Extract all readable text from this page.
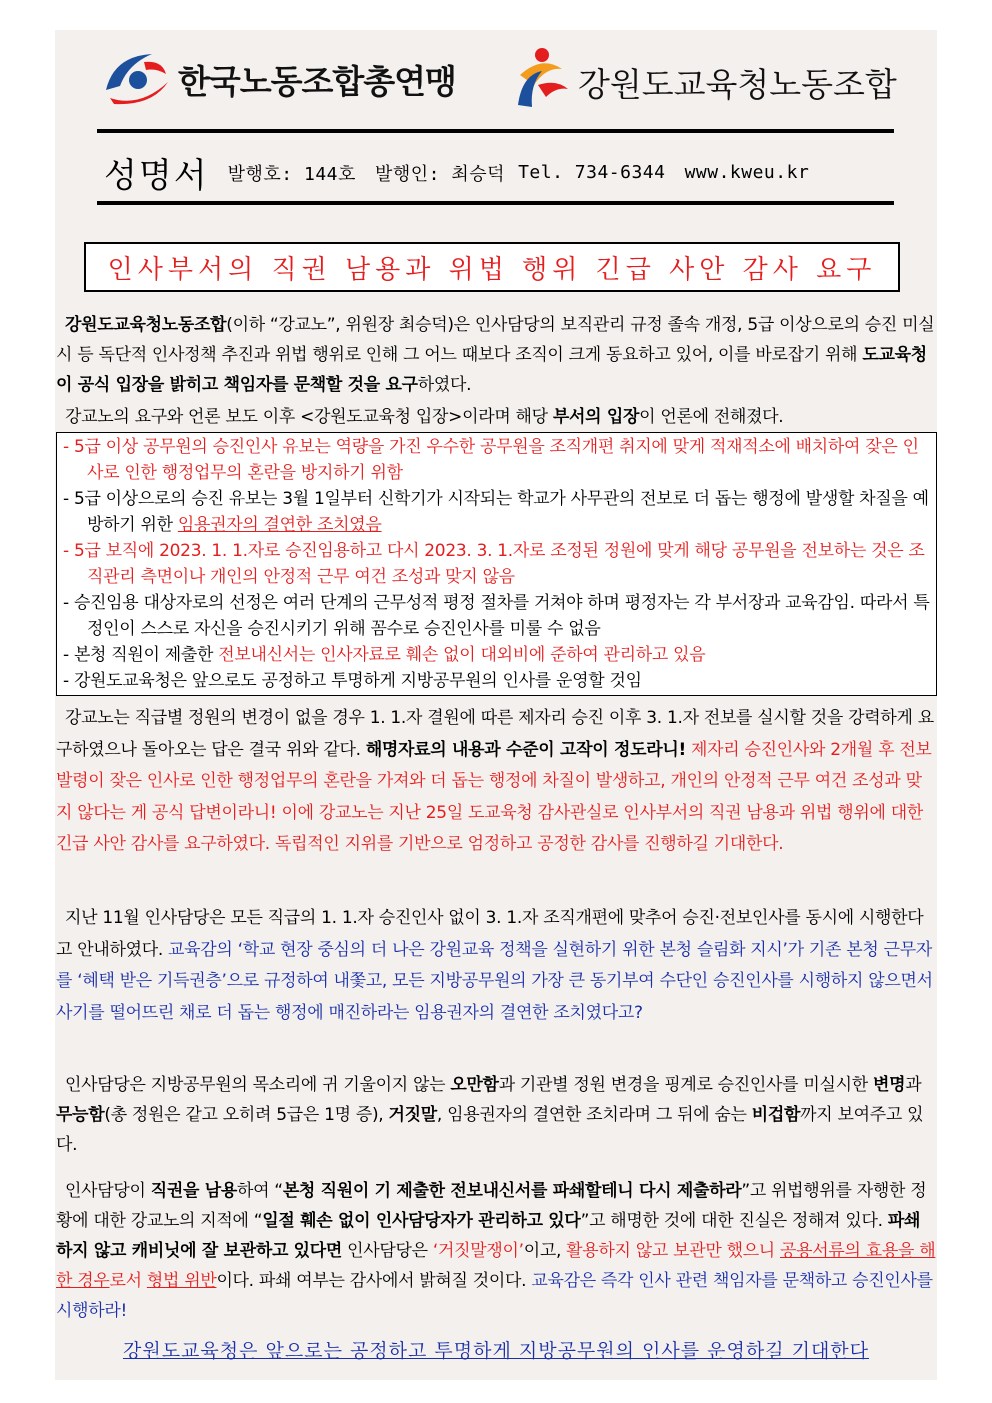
한국노동조합총연맹	강원도교육청노동조합
성명서 발행호: 144호 발행인: 최승덕 Tel. 734-6344 www.kweu.kr
인사부서의 직권 남용과 위법 행위 긴급 사안 감사 요구

강원도교육청노동조합(이하 “강교노”, 위원장 최승덕)은 인사담당의 보직관리 규정 졸속 개정, 5급 이상으로의 승진 미실시 등 독단적 인사정책 추진과 위법 행위로 인해 그 어느 때보다 조직이 크게 동요하고 있어, 이를 바로잡기 위해 도교육청이 공식 입장을 밝히고 책임자를 문책할 것을 요구하였다.

강교노의 요구와 언론 보도 이후 <강원도교육청 입장>이라며 해당 부서의 입장이 언론에 전해졌다.

- 5급 이상 공무원의 승진인사 유보는 역량을 가진 우수한 공무원을 조직개편 취지에 맞게 적재적소에 배치하여 잦은 인사로 인한 행정업무의 혼란을 방지하기 위함

- 5급 이상으로의 승진 유보는 3월 1일부터 신학기가 시작되는 학교가 사무관의 전보로 더 돕는 행정에 발생할 차질을 예방하기 위한 임용권자의 결연한 조치였음

- 5급 보직에 2023. 1. 1.자로 승진임용하고 다시 2023. 3. 1.자로 조정된 정원에 맞게 해당 공무원을 전보하는 것은 조직관리 측면이나 개인의 안정적 근무 여건 조성과 맞지 않음

- 승진임용 대상자로의 선정은 여러 단계의 근무성적 평정 절차를 거쳐야 하며 평정자는 각 부서장과 교육감임. 따라서 특정인이 스스로 자신을 승진시키기 위해 꼼수로 승진인사를 미룰 수 없음

- 본청 직원이 제출한 전보내신서는 인사자료로 훼손 없이 대외비에 준하여 관리하고 있음

- 강원도교육청은 앞으로도 공정하고 투명하게 지방공무원의 인사를 운영할 것임

강교노는 직급별 정원의 변경이 없을 경우 1. 1.자 결원에 따른 제자리 승진 이후 3. 1.자 전보를 실시할 것을 강력하게 요구하였으나 돌아오는 답은 결국 위와 같다. 해명자료의 내용과 수준이 고작이 정도라니! 제자리 승진인사와 2개월 후 전보발령이 잦은 인사로 인한 행정업무의 혼란을 가져와 더 돕는 행정에 차질이 발생하고, 개인의 안정적 근무 여건 조성과 맞지 않다는 게 공식 답변이라니! 이에 강교노는 지난 25일 도교육청 감사관실로 인사부서의 직권 남용과 위법 행위에 대한 긴급 사안 감사를 요구하였다. 독립적인 지위를 기반으로 엄정하고 공정한 감사를 진행하길 기대한다.

지난 11월 인사담당은 모든 직급의 1. 1.자 승진인사 없이 3. 1.자 조직개편에 맞추어 승진·전보인사를 동시에 시행한다고 안내하였다. 교육감의 ‘학교 현장 중심의 더 나은 강원교육 정책을 실현하기 위한 본청 슬림화 지시’가 기존 본청 근무자를 ‘혜택 받은 기득권층’으로 규정하여 내쫓고, 모든 지방공무원의 가장 큰 동기부여 수단인 승진인사를 시행하지 않으면서 사기를 떨어뜨린 채로 더 돕는 행정에 매진하라는 임용권자의 결연한 조치였다고?

인사담당은 지방공무원의 목소리에 귀 기울이지 않는 오만함과 기관별 정원 변경을 핑계로 승진인사를 미실시한 변명과 무능함(총 정원은 같고 오히려 5급은 1명 증), 거짓말, 임용권자의 결연한 조치라며 그 뒤에 숨는 비겁함까지 보여주고 있다.

인사담당이 직권을 남용하여 “본청 직원이 기 제출한 전보내신서를 파쇄할테니 다시 제출하라”고 위법행위를 자행한 정황에 대한 강교노의 지적에 “일절 훼손 없이 인사담당자가 관리하고 있다”고 해명한 것에 대한 진실은 정해져 있다. 파쇄하지 않고 캐비닛에 잘 보관하고 있다면 인사담당은 ‘거짓말쟁이’이고, 활용하지 않고 보관만 했으니 공용서류의 효용을 해한 경우로서 형법 위반이다. 파쇄 여부는 감사에서 밝혀질 것이다. 교육감은 즉각 인사 관련 책임자를 문책하고 승진인사를 시행하라!

강원도교육청은 앞으로는 공정하고 투명하게 지방공무원의 인사를 운영하길 기대한다
